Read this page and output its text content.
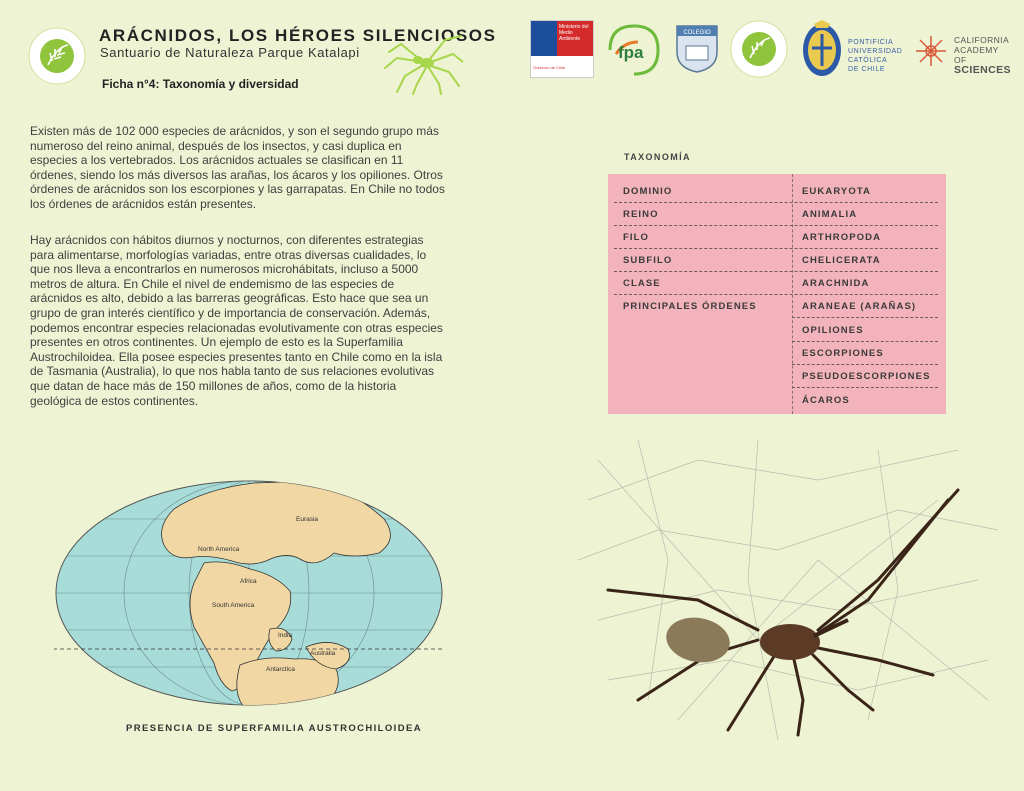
ARÁCNIDOS, LOS HÉROES SILENCIOSOS
Santuario de Naturaleza Parque Katalapi
Ficha n°4: Taxonomía y diversidad
Ministerio del Medio Ambiente
Gobierno de Chile
fpa
COLEGIO
PONTIFICIA
UNIVERSIDAD
CATÓLICA
DE CHILE
CALIFORNIA
ACADEMY OF
SCIENCES

Existen más de 102 000 especies de arácnidos, y son el segundo grupo más numeroso del reino animal, después de los insectos, y casi duplica en especies a los vertebrados. Los arácnidos actuales se clasifican en 11 órdenes, siendo los más diversos las arañas, los ácaros y los opiliones. Otros órdenes de arácnidos son los escorpiones y las garrapatas. En Chile no todos los órdenes de arácnidos están presentes.

Hay arácnidos con hábitos diurnos y nocturnos, con diferentes estrategias para alimentarse, morfologías variadas, entre otras diversas cualidades, lo que nos lleva a encontrarlos en numerosos microhábitats, incluso a 5000 metros de altura. En Chile el nivel de endemismo de las especies de arácnidos es alto, debido a las barreras geográficas. Esto hace que sea un grupo de gran interés científico y de importancia de conservación. Además, podemos encontrar especies relacionadas evolutivamente con otras especies presentes en otros continentes. Un ejemplo de esto es la Superfamilia Austrochiloidea. Ella posee especies presentes tanto en Chile como en la isla de Tasmania (Australia), lo que nos habla tanto de sus relaciones evolutivas que datan de hace más de 150 millones de años, como de la historia geológica de estos continentes.

TAXONOMÍA
DOMINIO	EUKARYOTA
REINO	ANIMALIA
FILO	ARTHROPODA
SUBFILO	CHELICERATA
CLASE	ARACHNIDA
PRINCIPALES ÓRDENES	ARANEAE (ARAÑAS)
OPILIONES
ESCORPIONES
PSEUDOESCORPIONES
ÁCAROS
Eurasia
North America
Africa
South America
India
Australia
Antarctica
PRESENCIA DE SUPERFAMILIA AUSTROCHILOIDEA
